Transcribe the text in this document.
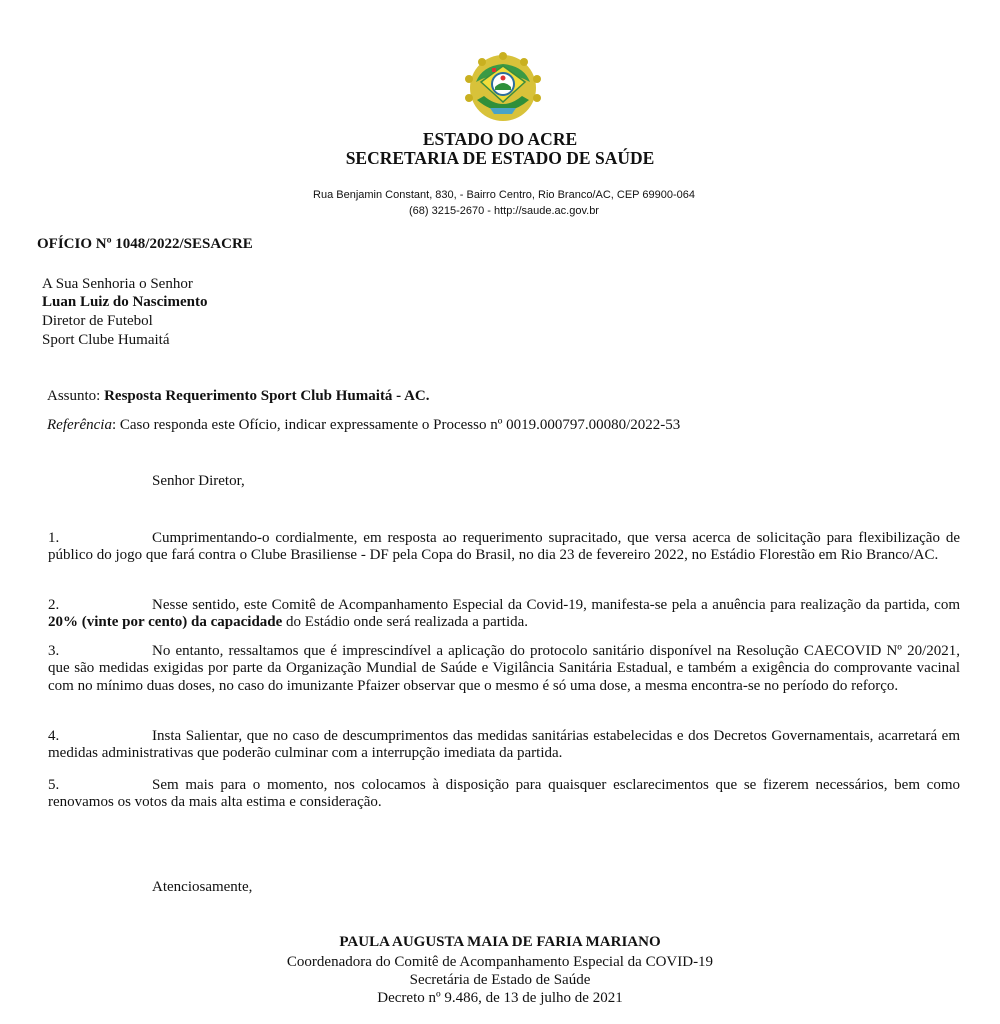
ESTADO DO ACRE
SECRETARIA DE ESTADO DE SAÚDE
Rua Benjamin Constant, 830, - Bairro Centro, Rio Branco/AC, CEP 69900-064
(68) 3215-2670 - http://saude.ac.gov.br
OFÍCIO Nº 1048/2022/SESACRE
A Sua Senhoria o Senhor
Luan Luiz do Nascimento
Diretor de Futebol
Sport Clube Humaitá
Assunto: Resposta Requerimento Sport Club Humaitá - AC.
Referência: Caso responda este Ofício, indicar expressamente o Processo nº 0019.000797.00080/2022-53
Senhor Diretor,
1.	Cumprimentando-o cordialmente, em resposta ao requerimento supracitado, que versa acerca de solicitação para flexibilização de público do jogo que fará contra o Clube Brasiliense - DF pela Copa do Brasil, no dia 23 de fevereiro 2022, no Estádio Florestão em Rio Branco/AC.
2.	Nesse sentido, este Comitê de Acompanhamento Especial da Covid-19, manifesta-se pela a anuência para realização da partida, com 20% (vinte por cento) da capacidade do Estádio onde será realizada a partida.
3.	No entanto, ressaltamos que é imprescindível a aplicação do protocolo sanitário disponível na Resolução CAECOVID Nº 20/2021, que são medidas exigidas por parte da Organização Mundial de Saúde e Vigilância Sanitária Estadual, e também a exigência do comprovante vacinal com no mínimo duas doses, no caso do imunizante Pfaizer observar que o mesmo é só uma dose, a mesma encontra-se no período do reforço.
4.	Insta Salientar, que no caso de descumprimentos das medidas sanitárias estabelecidas e dos Decretos Governamentais, acarretará em medidas administrativas que poderão culminar com a interrupção imediata da partida.
5.	Sem mais para o momento, nos colocamos à disposição para quaisquer esclarecimentos que se fizerem necessários, bem como renovamos os votos da mais alta estima e consideração.
Atenciosamente,
PAULA AUGUSTA MAIA DE FARIA MARIANO
Coordenadora do Comitê de Acompanhamento Especial da COVID-19
Secretária de Estado de Saúde
Decreto nº 9.486, de 13 de julho de 2021
